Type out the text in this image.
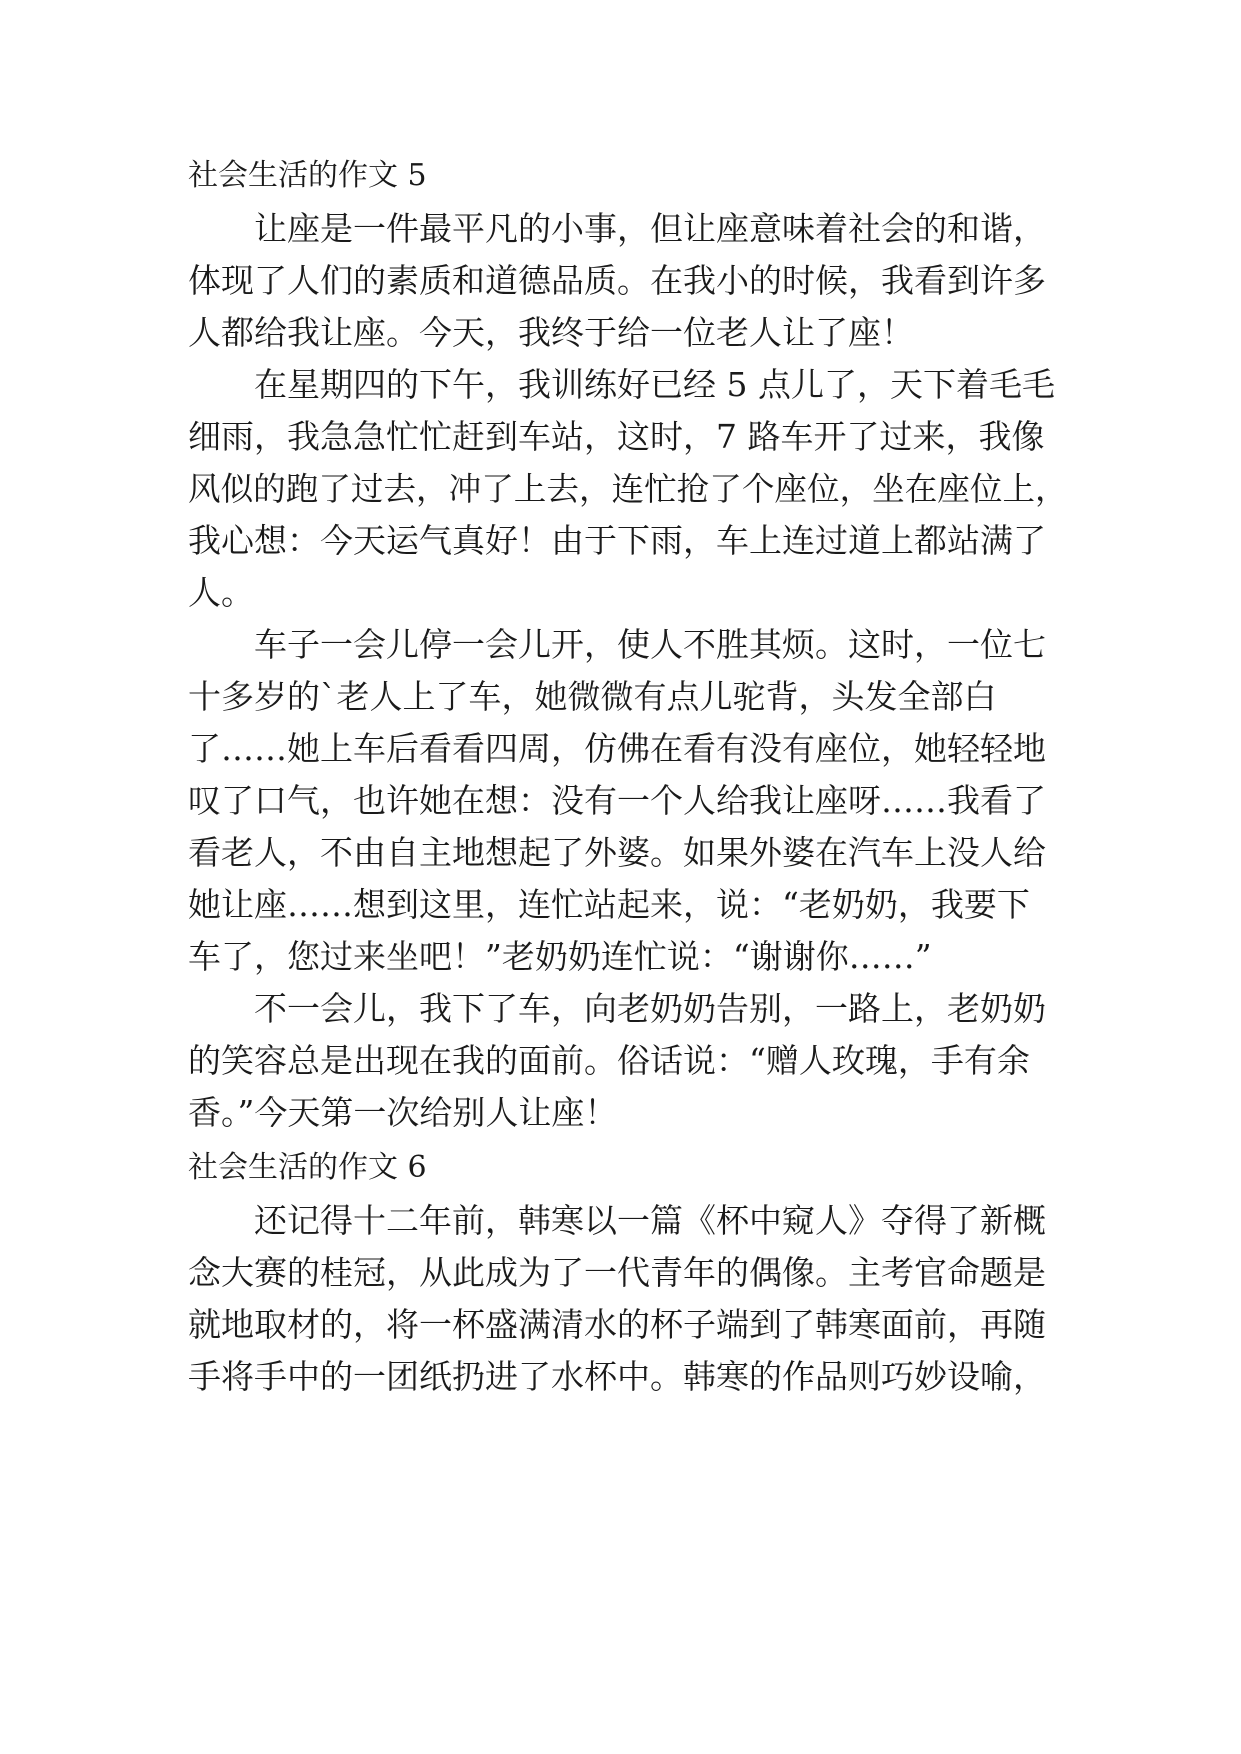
社会生活的作文 5
让座是一件最平凡的小事，但让座意味着社会的和谐，
体现了人们的素质和道德品质。在我小的时候，我看到许多
人都给我让座。今天，我终于给一位老人让了座！
在星期四的下午，我训练好已经 5 点儿了，天下着毛毛
细雨，我急急忙忙赶到车站，这时，7 路车开了过来，我像
风似的跑了过去，冲了上去，连忙抢了个座位，坐在座位上，
我心想：今天运气真好！由于下雨，车上连过道上都站满了
人。
车子一会儿停一会儿开，使人不胜其烦。这时，一位七
十多岁的`老人上了车，她微微有点儿驼背，头发全部白
了……她上车后看看四周，仿佛在看有没有座位，她轻轻地
叹了口气，也许她在想：没有一个人给我让座呀……我看了
看老人，不由自主地想起了外婆。如果外婆在汽车上没人给
她让座……想到这里，连忙站起来，说：“老奶奶，我要下
车了，您过来坐吧！”老奶奶连忙说：“谢谢你……”
不一会儿，我下了车，向老奶奶告别，一路上，老奶奶
的笑容总是出现在我的面前。俗话说：“赠人玫瑰，手有余
香。”今天第一次给别人让座！
社会生活的作文 6
还记得十二年前，韩寒以一篇《杯中窥人》夺得了新概
念大赛的桂冠，从此成为了一代青年的偶像。主考官命题是
就地取材的，将一杯盛满清水的杯子端到了韩寒面前，再随
手将手中的一团纸扔进了水杯中。韩寒的作品则巧妙设喻，
